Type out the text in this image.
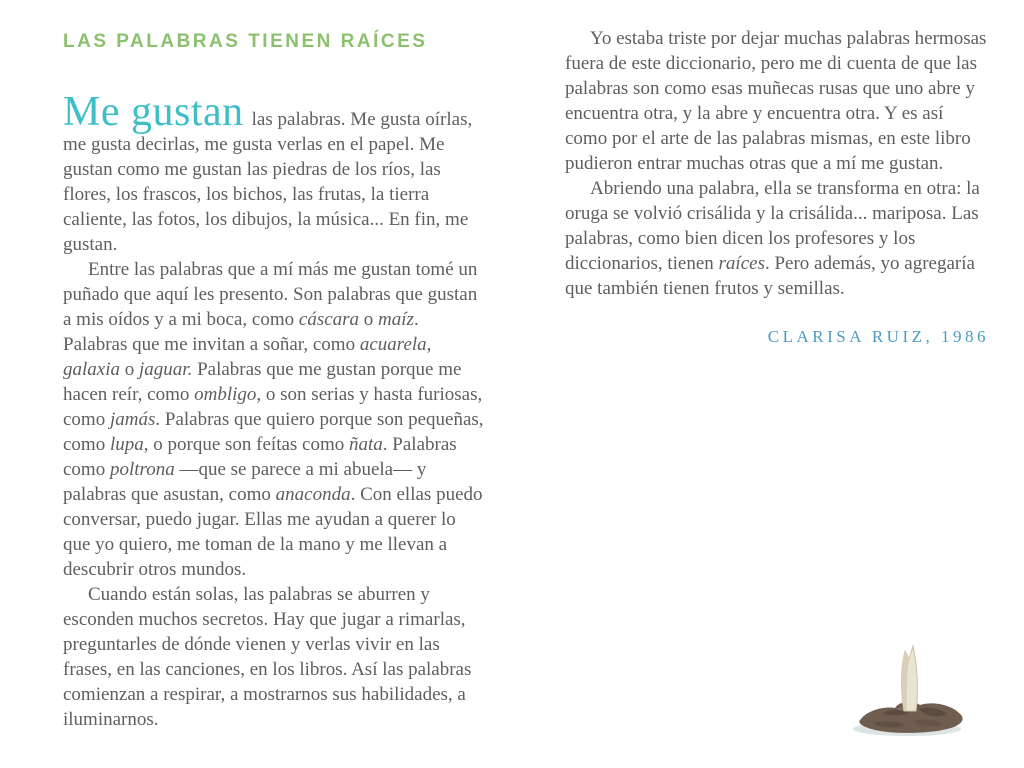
LAS PALABRAS TIENEN RAÍCES

Me gustan las palabras. Me gusta oírlas, me gusta decirlas, me gusta verlas en el papel. Me gustan como me gustan las piedras de los ríos, las flores, los frascos, los bichos, las frutas, la tierra caliente, las fotos, los dibujos, la música... En fin, me gustan.

Entre las palabras que a mí más me gustan tomé un puñado que aquí les presento. Son palabras que gustan a mis oídos y a mi boca, como cáscara o maíz. Palabras que me invitan a soñar, como acuarela, galaxia o jaguar. Palabras que me gustan porque me hacen reír, como ombligo, o son serias y hasta furiosas, como jamás. Palabras que quiero porque son pequeñas, como lupa, o porque son feítas como ñata. Palabras como poltrona —que se parece a mi abuela— y palabras que asustan, como anaconda. Con ellas puedo conversar, puedo jugar. Ellas me ayudan a querer lo que yo quiero, me toman de la mano y me llevan a descubrir otros mundos.

Cuando están solas, las palabras se aburren y esconden muchos secretos. Hay que jugar a rimarlas, preguntarles de dónde vienen y verlas vivir en las frases, en las canciones, en los libros. Así las palabras comienzan a respirar, a mostrarnos sus habilidades, a iluminarnos.

Yo estaba triste por dejar muchas palabras hermosas fuera de este diccionario, pero me di cuenta de que las palabras son como esas muñecas rusas que uno abre y encuentra otra, y la abre y encuentra otra. Y es así como por el arte de las palabras mismas, en este libro pudieron entrar muchas otras que a mí me gustan.

Abriendo una palabra, ella se transforma en otra: la oruga se volvió crisálida y la crisálida... mariposa. Las palabras, como bien dicen los profesores y los diccionarios, tienen raíces. Pero además, yo agregaría que también tienen frutos y semillas.

CLARISA RUIZ, 1986
